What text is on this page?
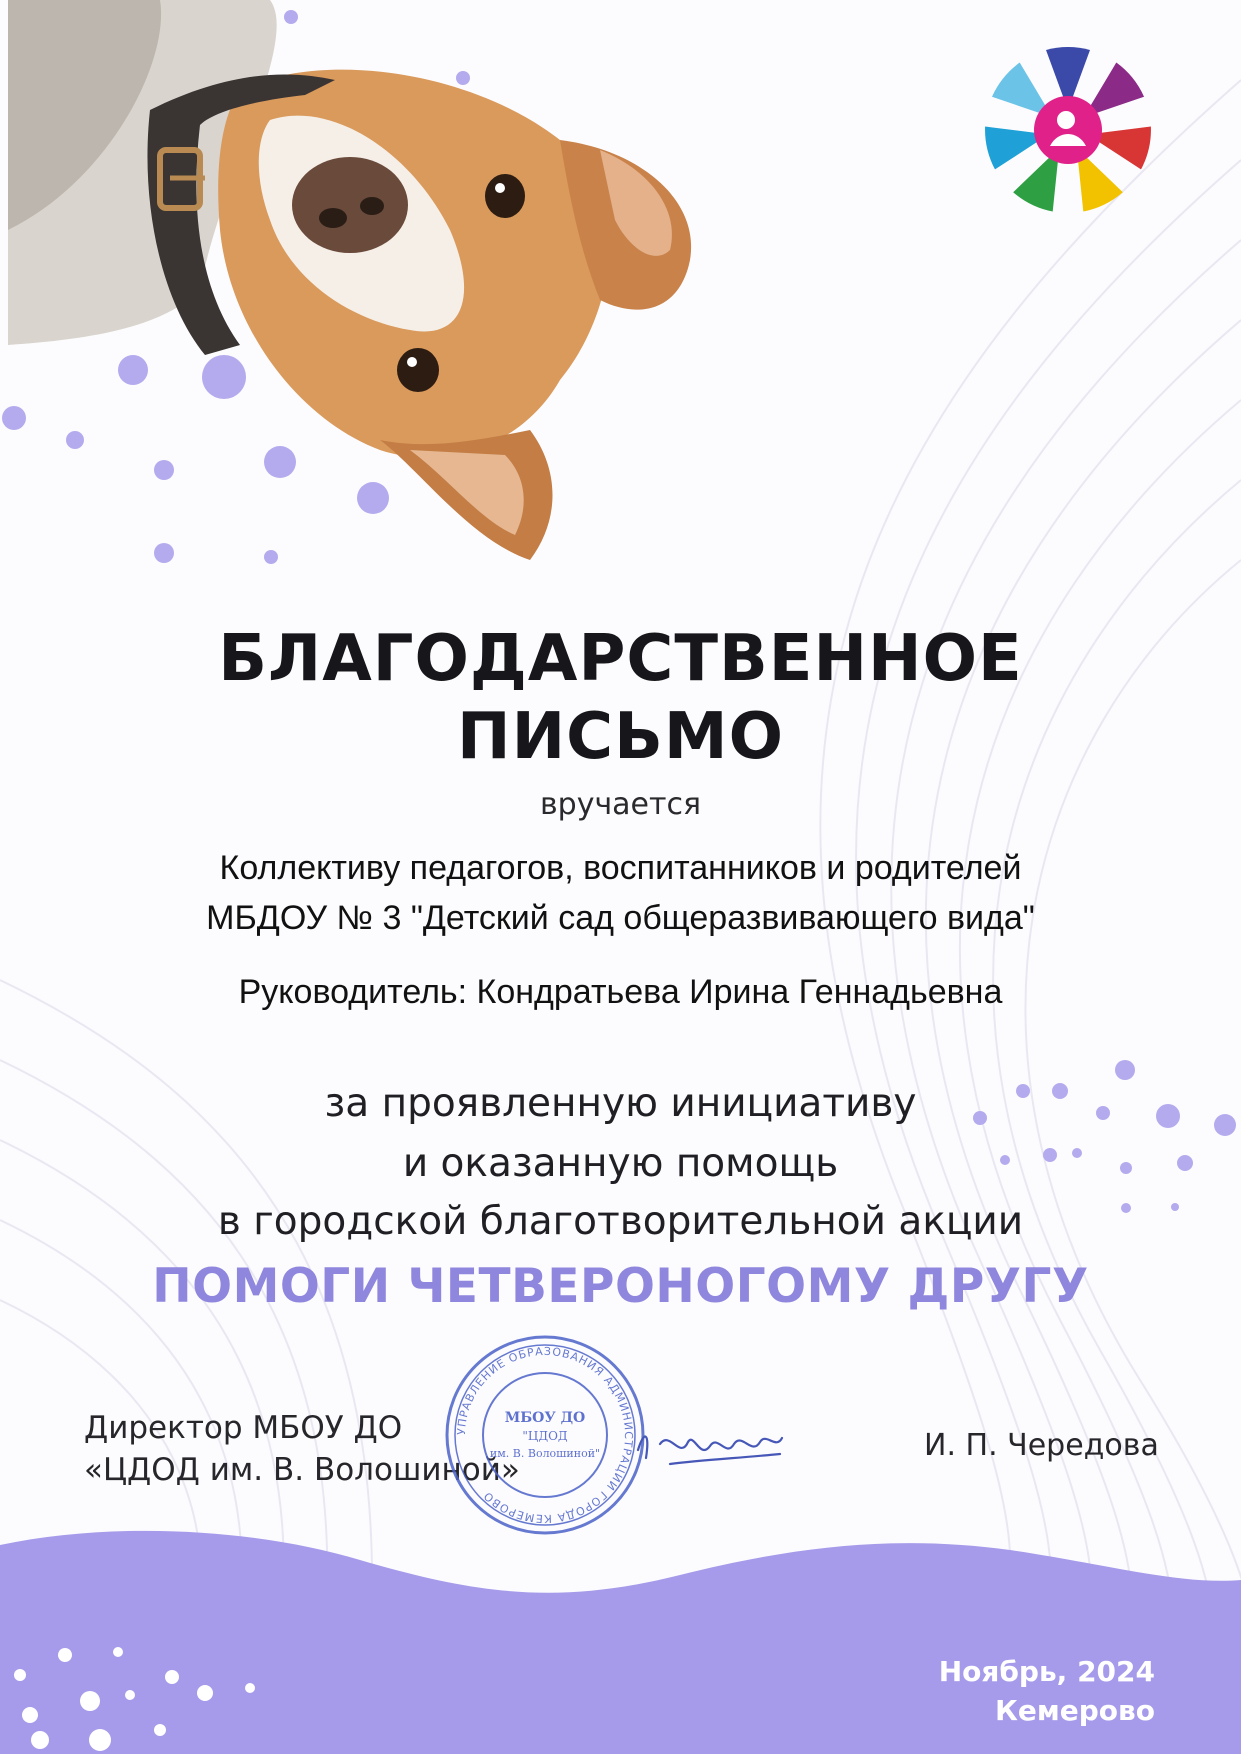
БЛАГОДАРСТВЕННОЕ
ПИСЬМО
вручается
Коллективу педагогов, воспитанников и родителей
МБДОУ № 3 "Детский сад общеразвивающего вида"
Руководитель: Кондратьева Ирина Геннадьевна
за проявленную инициативу
и оказанную помощь
в городской благотворительной акции
ПОМОГИ ЧЕТВЕРОНОГОМУ ДРУГУ
Директор МБОУ ДО
«ЦДОД им. В. Волошиной»
УПРАВЛЕНИЕ ОБРАЗОВАНИЯ АДМИНИСТРАЦИИ ГОРОДА КЕМЕРОВО
МБОУ ДО
"ЦДОД
им. В. Волошиной"	И. П. Чередова
Ноябрь, 2024
Кемерово
